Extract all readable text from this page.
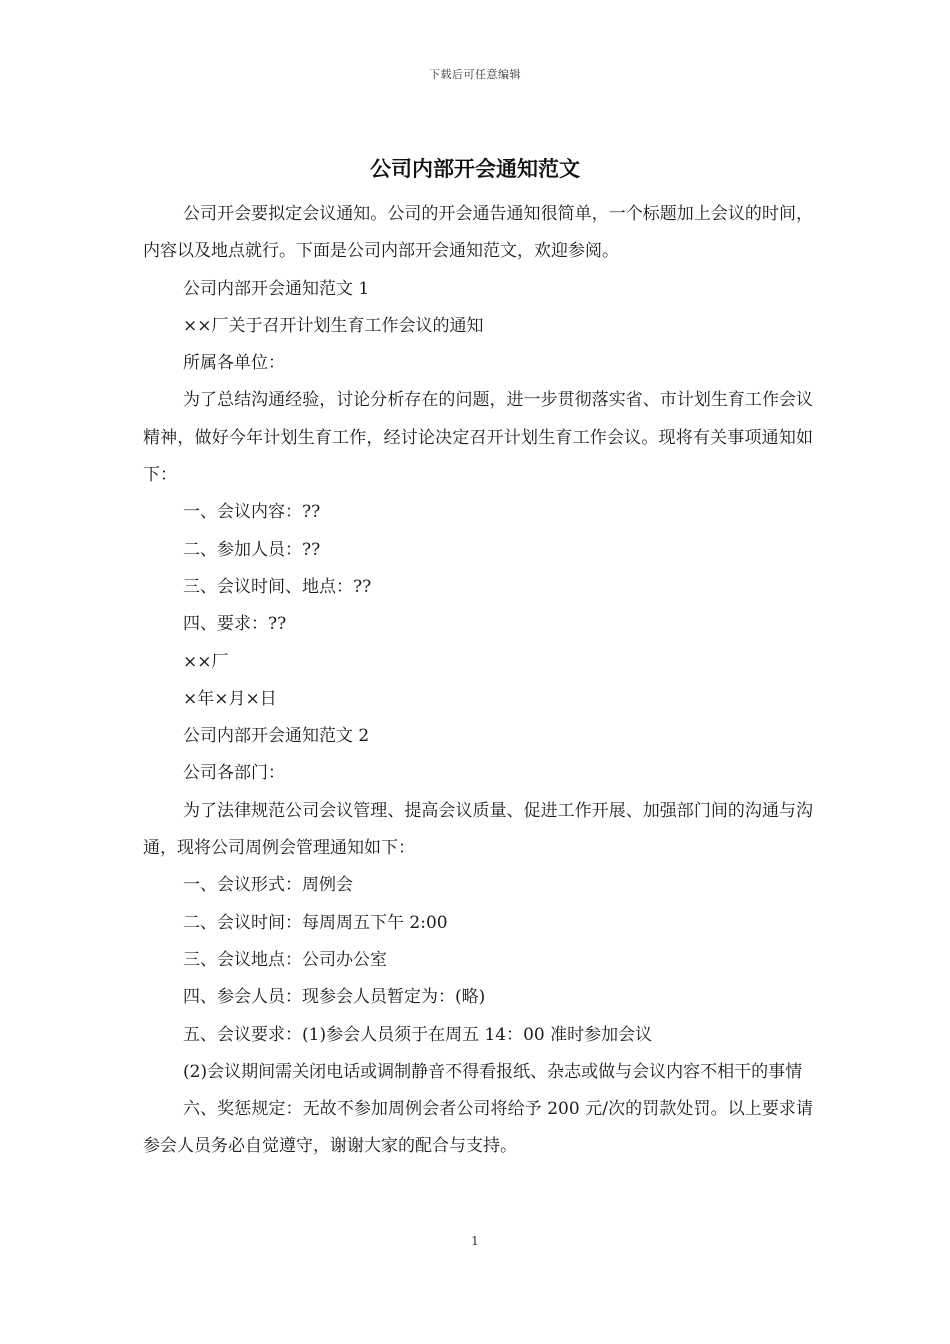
下载后可任意编辑
公司内部开会通知范文

公司开会要拟定会议通知。公司的开会通告通知很简单，一个标题加上会议的时间，内容以及地点就行。下面是公司内部开会通知范文，欢迎参阅。

公司内部开会通知范文 1

××厂关于召开计划生育工作会议的通知

所属各单位：

为了总结沟通经验，讨论分析存在的问题，进一步贯彻落实省、市计划生育工作会议精神，做好今年计划生育工作，经讨论决定召开计划生育工作会议。现将有关事项通知如下：

一、会议内容：??

二、参加人员：??

三、会议时间、地点：??

四、要求：??

××厂

×年×月×日

公司内部开会通知范文 2

公司各部门：

为了法律规范公司会议管理、提高会议质量、促进工作开展、加强部门间的沟通与沟通，现将公司周例会管理通知如下：

一、会议形式：周例会

二、会议时间：每周周五下午 2:00

三、会议地点：公司办公室

四、参会人员：现参会人员暂定为：(略)

五、会议要求：(1)参会人员须于在周五 14：00 准时参加会议

(2)会议期间需关闭电话或调制静音不得看报纸、杂志或做与会议内容不相干的事情

六、奖惩规定：无故不参加周例会者公司将给予 200 元/次的罚款处罚。以上要求请参会人员务必自觉遵守，谢谢大家的配合与支持。

1
